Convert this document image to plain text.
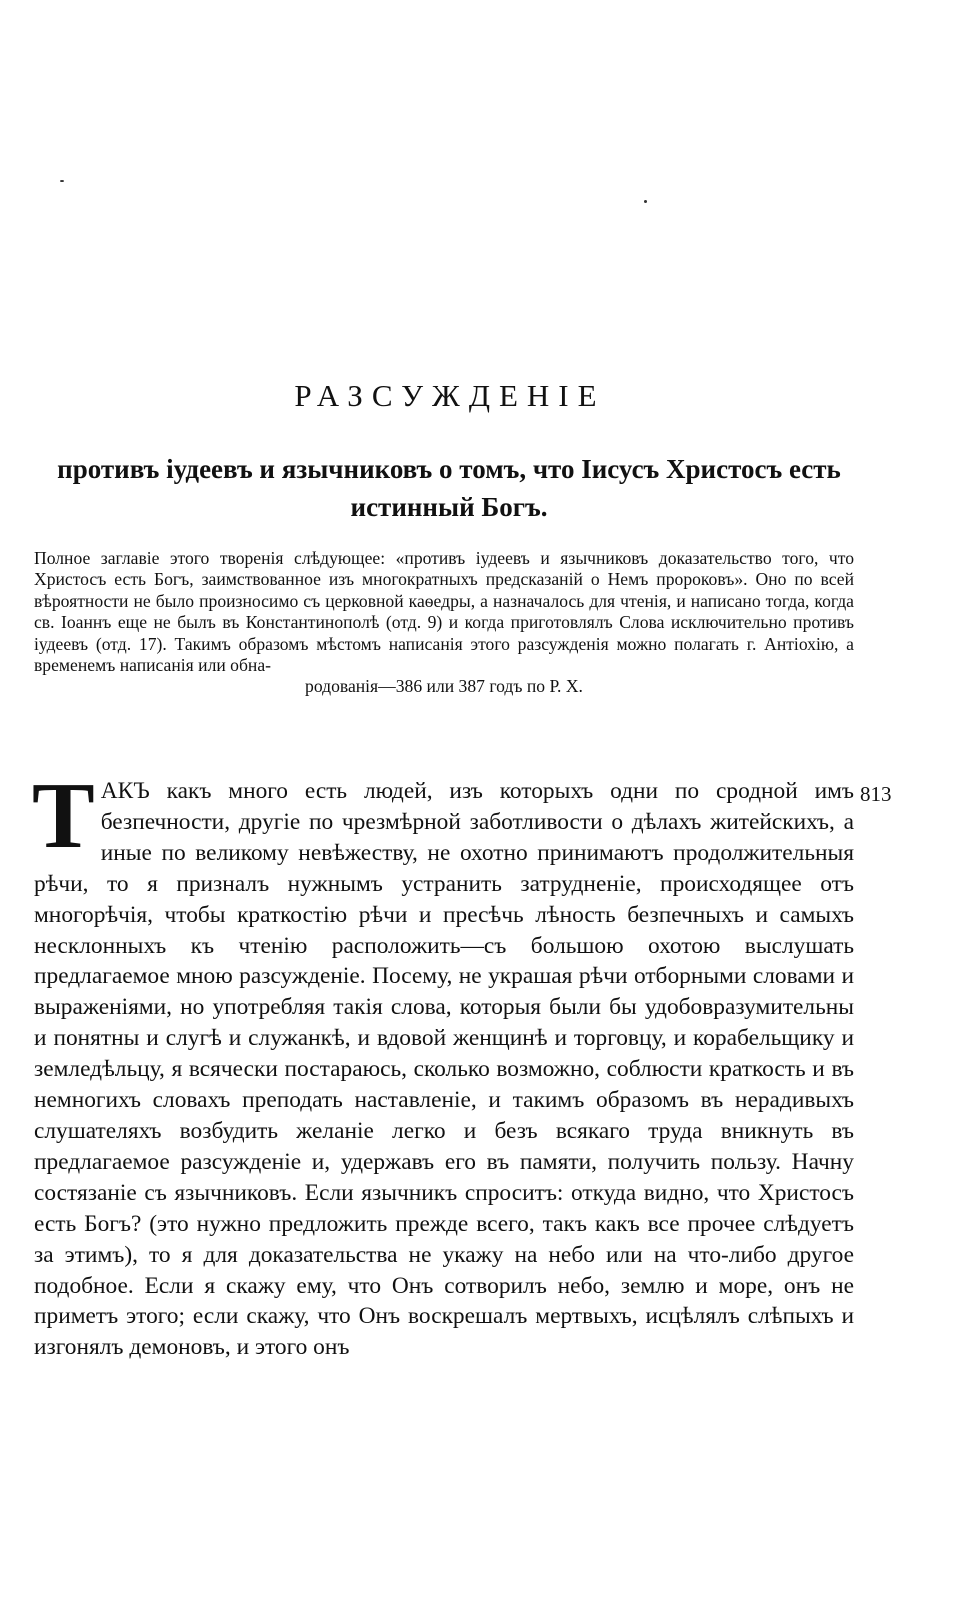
РАЗСУЖДЕНІЕ
противъ іудеевъ и язычниковъ о томъ, что Іисусъ Христосъ есть истинный Богъ.
Полное заглавіе этого творенія слѣдующее: «противъ іудеевъ и язычниковъ доказательство того, что Христосъ есть Богъ, заимствованное изъ многократныхъ предсказаній о Немъ пророковъ». Оно по всей вѣроятности не было произносимо съ церковной каѳедры, а назначалось для чтенія, и написано тогда, когда св. Іоаннъ еще не былъ въ Константинополѣ (отд. 9) и когда приготовлялъ Слова исключительно противъ іудеевъ (отд. 17). Такимъ образомъ мѣстомъ написанія этого разсужденія можно полагать г. Антіохію, а временемъ написанія или обна-
родованія—386 или 387 годъ по Р. X.
813

ТАКЪ какъ много есть людей, изъ которыхъ одни по сродной имъ безпечности, другіе по чрезмѣрной заботливости о дѣлахъ житейскихъ, а иные по великому невѣжеству, не охотно принимаютъ продолжительныя рѣчи, то я призналъ нужнымъ устранить затрудненіе, происходящее отъ многорѣчія, чтобы краткостію рѣчи и пресѣчь лѣность безпечныхъ и самыхъ несклонныхъ къ чтенію расположить—съ большою охотою выслушать предлагаемое мною разсужденіе. Посему, не украшая рѣчи отборными словами и выраженіями, но употребляя такія слова, которыя были бы удобовразумительны и понятны и слугѣ и служанкѣ, и вдовой женщинѣ и торговцу, и корабельщику и земледѣльцу, я всячески постараюсь, сколько возможно, соблюсти краткость и въ немногихъ словахъ преподать наставленіе, и такимъ образомъ въ нерадивыхъ слушателяхъ возбудить желаніе легко и безъ всякаго труда вникнуть въ предлагаемое разсужденіе и, удержавъ его въ памяти, получить пользу. Начну состязаніе съ язычниковъ. Если язычникъ спроситъ: откуда видно, что Христосъ есть Богъ? (это нужно предложить прежде всего, такъ какъ все прочее слѣдуетъ за этимъ), то я для доказательства не укажу на небо или на что-либо другое подобное. Если я скажу ему, что Онъ сотворилъ небо, землю и море, онъ не приметъ этого; если скажу, что Онъ воскрешалъ мертвыхъ, исцѣлялъ слѣпыхъ и изгонялъ демоновъ, и этого онъ
